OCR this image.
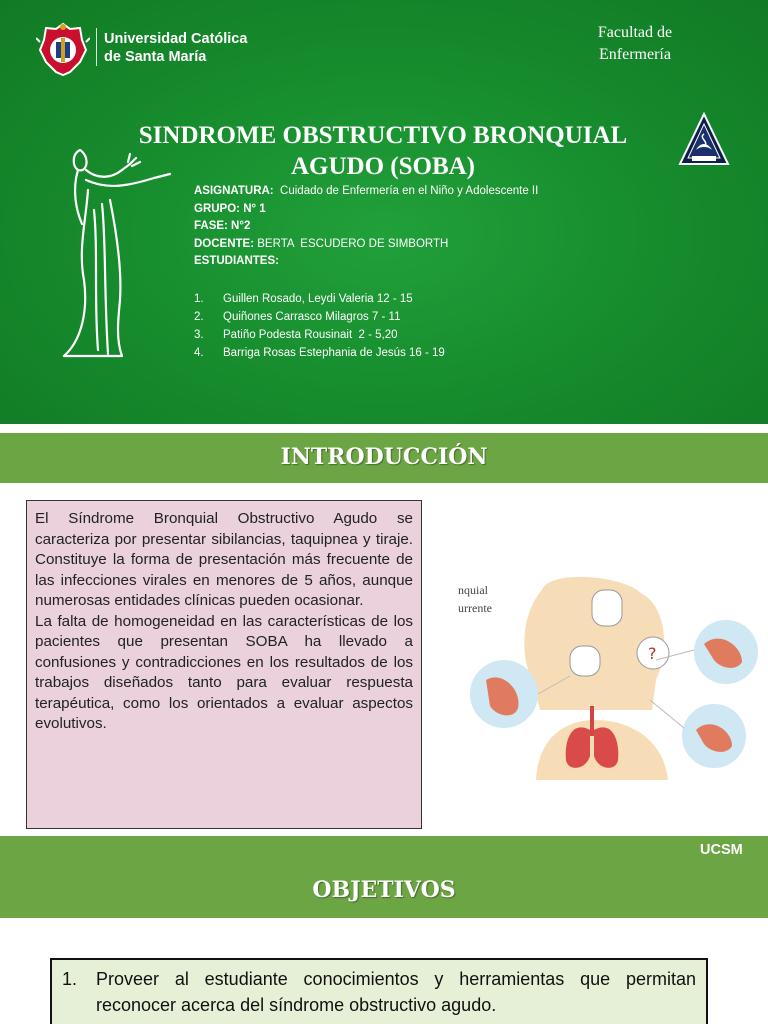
Universidad Católica
de Santa María
Facultad de
Enfermería
SINDROME OBSTRUCTIVO BRONQUIAL
AGUDO (SOBA)
ASIGNATURA:  Cuidado de Enfermería en el Niño y Adolescente II
GRUPO: N° 1
FASE: N°2
DOCENTE: BERTA  ESCUDERO DE SIMBORTH
ESTUDIANTES:
1.	Guillen Rosado, Leydi Valeria 12 - 15
2.	Quiñones Carrasco Milagros 7 - 11
3.	Patiño Podesta Rousinait  2 - 5,20
4.	Barriga Rosas Estephania de Jesús 16 - 19
INTRODUCCIÓN

El Síndrome Bronquial Obstructivo Agudo se caracteriza por presentar sibilancias, taquipnea y tiraje. Constituye la forma de presentación más frecuente de las infecciones virales en menores de 5 años, aunque numerosas entidades clínicas pueden ocasionar.

La falta de homogeneidad en las características de los pacientes que presentan SOBA ha llevado a confusiones y contradicciones en los resultados de los trabajos diseñados tanto para evaluar respuesta terapéutica, como los orientados a evaluar aspectos evolutivos.

nquial
urrente
?
UCSM
OBJETIVOS
1.	Proveer al estudiante conocimientos y herramientas que permitan reconocer acerca del síndrome obstructivo agudo.
